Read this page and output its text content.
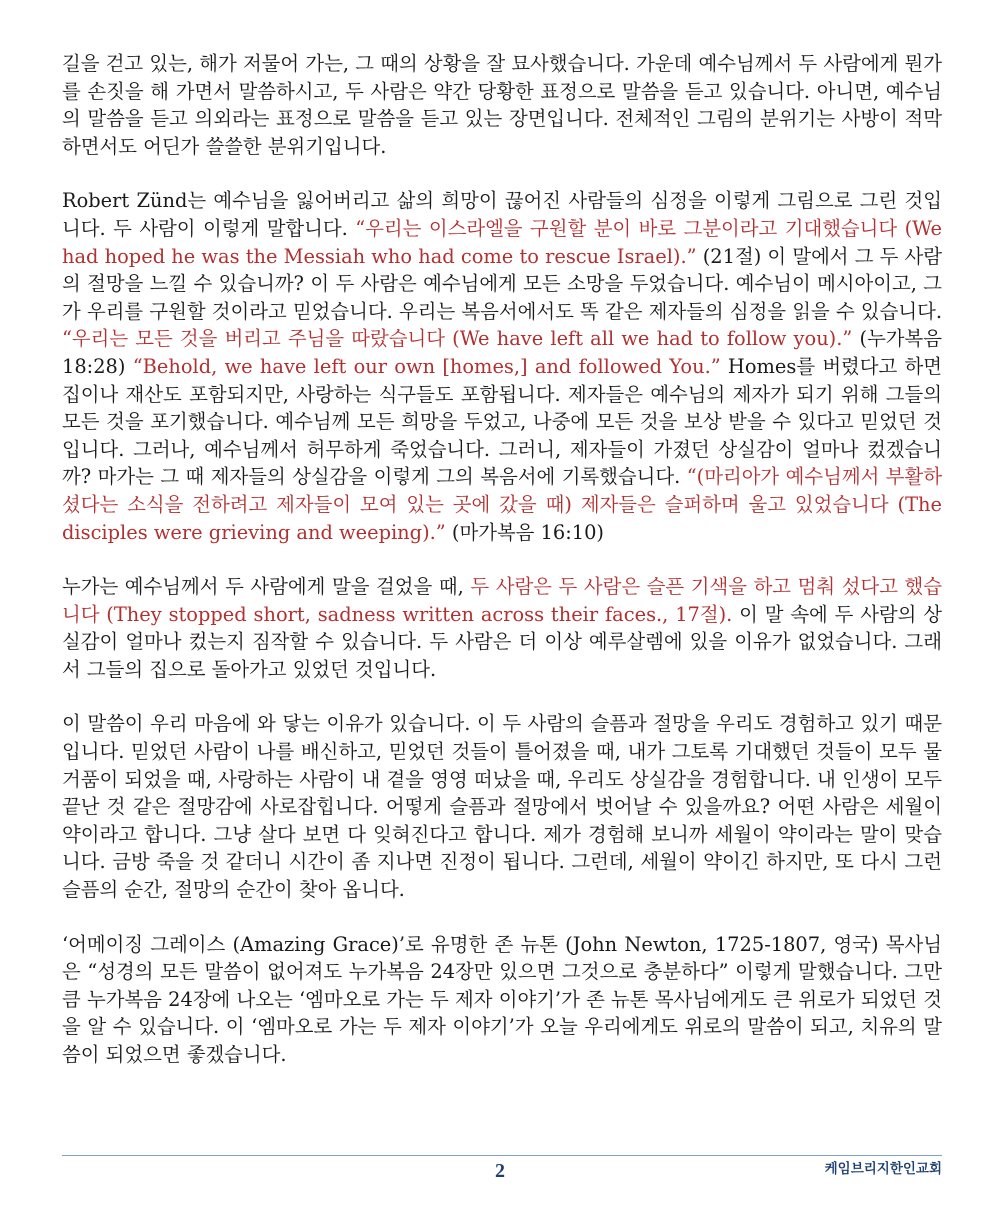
길을 걷고 있는, 해가 저물어 가는, 그 때의 상황을 잘 묘사했습니다. 가운데 예수님께서 두 사람에게 뭔가를 손짓을 해 가면서 말씀하시고, 두 사람은 약간 당황한 표정으로 말씀을 듣고 있습니다. 아니면, 예수님의 말씀을 듣고 의외라는 표정으로 말씀을 듣고 있는 장면입니다. 전체적인 그림의 분위기는 사방이 적막하면서도 어딘가 쓸쓸한 분위기입니다.

Robert Zünd는 예수님을 잃어버리고 삶의 희망이 끊어진 사람들의 심정을 이렇게 그림으로 그린 것입니다. 두 사람이 이렇게 말합니다. “우리는 이스라엘을 구원할 분이 바로 그분이라고 기대했습니다 (We had hoped he was the Messiah who had come to rescue Israel).” (21절) 이 말에서 그 두 사람의 절망을 느낄 수 있습니까? 이 두 사람은 예수님에게 모든 소망을 두었습니다. 예수님이 메시아이고, 그가 우리를 구원할 것이라고 믿었습니다. 우리는 복음서에서도 똑 같은 제자들의 심정을 읽을 수 있습니다. “우리는 모든 것을 버리고 주님을 따랐습니다 (We have left all we had to follow you).” (누가복음 18:28) “Behold, we have left our own [homes,] and followed You.” Homes를 버렸다고 하면 집이나 재산도 포함되지만, 사랑하는 식구들도 포함됩니다. 제자들은 예수님의 제자가 되기 위해 그들의 모든 것을 포기했습니다. 예수님께 모든 희망을 두었고, 나중에 모든 것을 보상 받을 수 있다고 믿었던 것입니다. 그러나, 예수님께서 허무하게 죽었습니다. 그러니, 제자들이 가졌던 상실감이 얼마나 컸겠습니까? 마가는 그 때 제자들의 상실감을 이렇게 그의 복음서에 기록했습니다. “(마리아가 예수님께서 부활하셨다는 소식을 전하려고 제자들이 모여 있는 곳에 갔을 때) 제자들은 슬퍼하며 울고 있었습니다 (The disciples were grieving and weeping).” (마가복음 16:10)

누가는 예수님께서 두 사람에게 말을 걸었을 때, 두 사람은 두 사람은 슬픈 기색을 하고 멈춰 섰다고 했습니다 (They stopped short, sadness written across their faces., 17절). 이 말 속에 두 사람의 상실감이 얼마나 컸는지 짐작할 수 있습니다. 두 사람은 더 이상 예루살렘에 있을 이유가 없었습니다. 그래서 그들의 집으로 돌아가고 있었던 것입니다.

이 말씀이 우리 마음에 와 닿는 이유가 있습니다. 이 두 사람의 슬픔과 절망을 우리도 경험하고 있기 때문입니다. 믿었던 사람이 나를 배신하고, 믿었던 것들이 틀어졌을 때, 내가 그토록 기대했던 것들이 모두 물거품이 되었을 때, 사랑하는 사람이 내 곁을 영영 떠났을 때, 우리도 상실감을 경험합니다. 내 인생이 모두 끝난 것 같은 절망감에 사로잡힙니다. 어떻게 슬픔과 절망에서 벗어날 수 있을까요? 어떤 사람은 세월이 약이라고 합니다. 그냥 살다 보면 다 잊혀진다고 합니다. 제가 경험해 보니까 세월이 약이라는 말이 맞습니다. 금방 죽을 것 같더니 시간이 좀 지나면 진정이 됩니다. 그런데, 세월이 약이긴 하지만, 또 다시 그런 슬픔의 순간, 절망의 순간이 찾아 옵니다.

‘어메이징 그레이스 (Amazing Grace)’로 유명한 존 뉴톤 (John Newton, 1725-1807, 영국) 목사님은 “성경의 모든 말씀이 없어져도 누가복음 24장만 있으면 그것으로 충분하다” 이렇게 말했습니다. 그만큼 누가복음 24장에 나오는 ‘엠마오로 가는 두 제자 이야기’가 존 뉴톤 목사님에게도 큰 위로가 되었던 것을 알 수 있습니다. 이 ‘엠마오로 가는 두 제자 이야기’가 오늘 우리에게도 위로의 말씀이 되고, 치유의 말씀이 되었으면 좋겠습니다.

2	케임브리지한인교회
